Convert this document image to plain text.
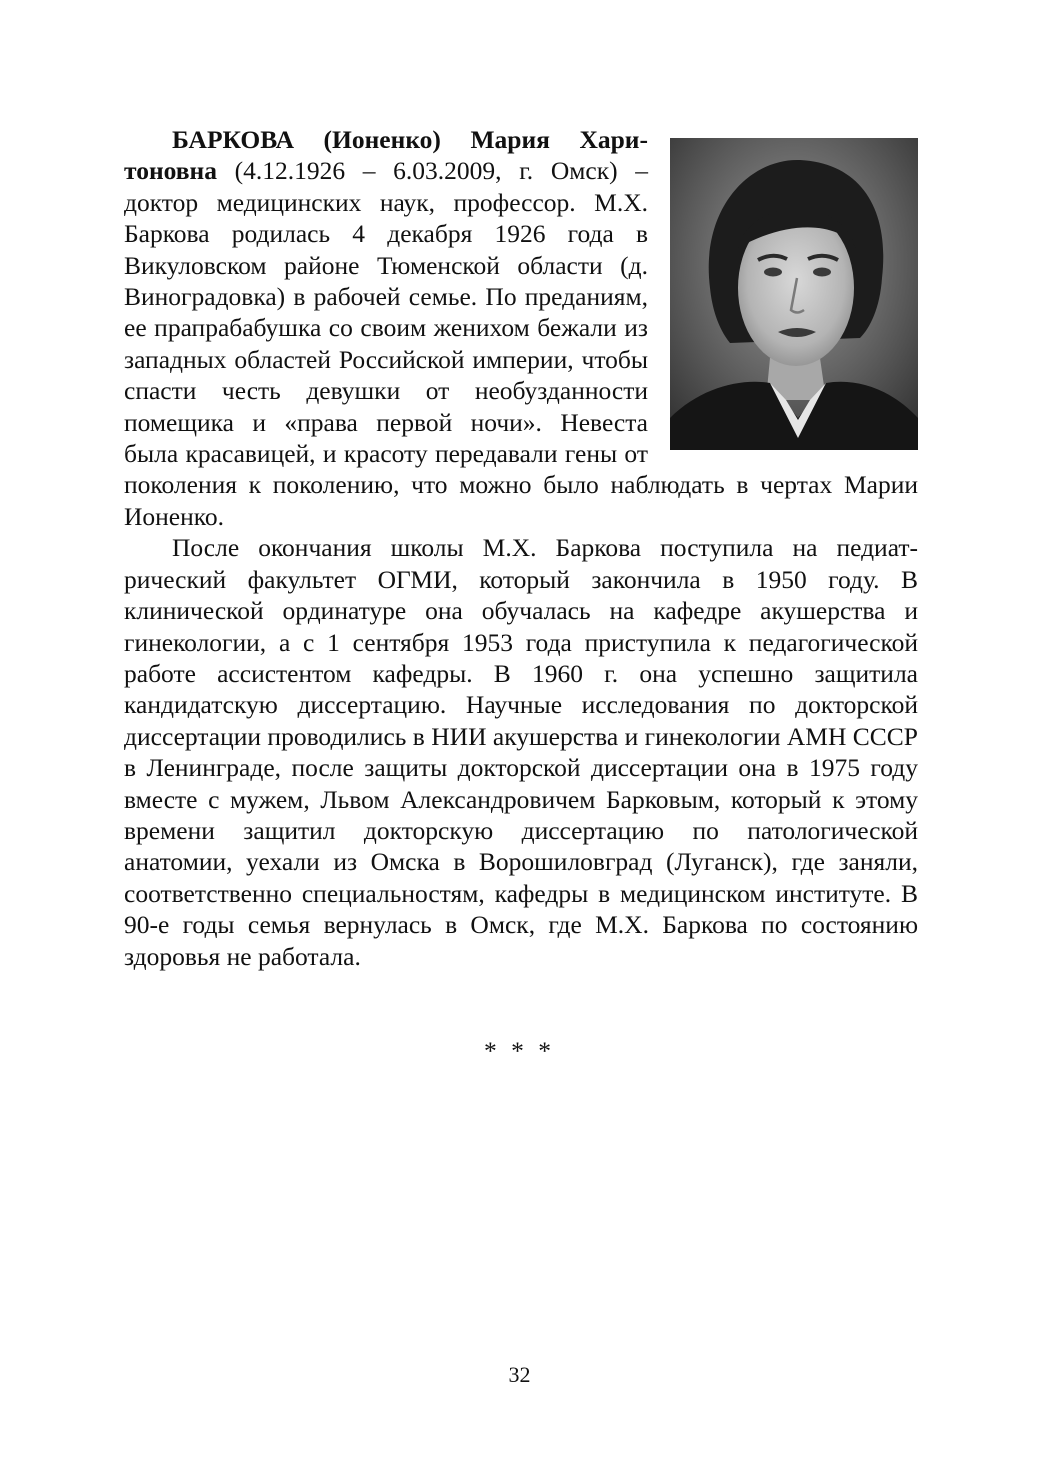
БАРКОВА (Ионенко) Мария Харитоновна (4.12.1926 – 6.03.2009, г. Омск) – доктор медицинских наук, профессор. М.Х. Баркова родилась 4 декабря 1926 года в Викуловском районе Тюменской области (д. Виноградовка) в рабочей семье. По преданиям, ее прапрабабушка со своим женихом бежали из западных областей Российской империи, чтобы спасти честь девушки от необузданности помещика и «права первой ночи». Невеста была красавицей, и красоту передавали гены от поколения к поколению, что можно было наблюдать в чертах Марии Ионенко.

После окончания школы М.Х. Баркова поступила на педиатрический факультет ОГМИ, который закончила в 1950 году. В клинической ординатуре она обучалась на кафедре акушерства и гинекологии, а с 1 сентября 1953 года приступила к педагогической работе ассистентом кафедры. В 1960 г. она успешно защитила кандидатскую диссертацию. Научные исследования по докторской диссертации проводились в НИИ акушерства и гинекологии АМН СССР в Ленинграде, после защиты докторской диссертации она в 1975 году вместе с мужем, Львом Александровичем Барковым, который к этому времени защитил докторскую диссертацию по патологической анатомии, уехали из Омска в Ворошиловград (Луганск), где заняли, соответственно специальностям, кафедры в медицинском институте. В 90-е годы семья вернулась в Омск, где М.Х. Баркова по состоянию здоровья не работала.

* * *
32
